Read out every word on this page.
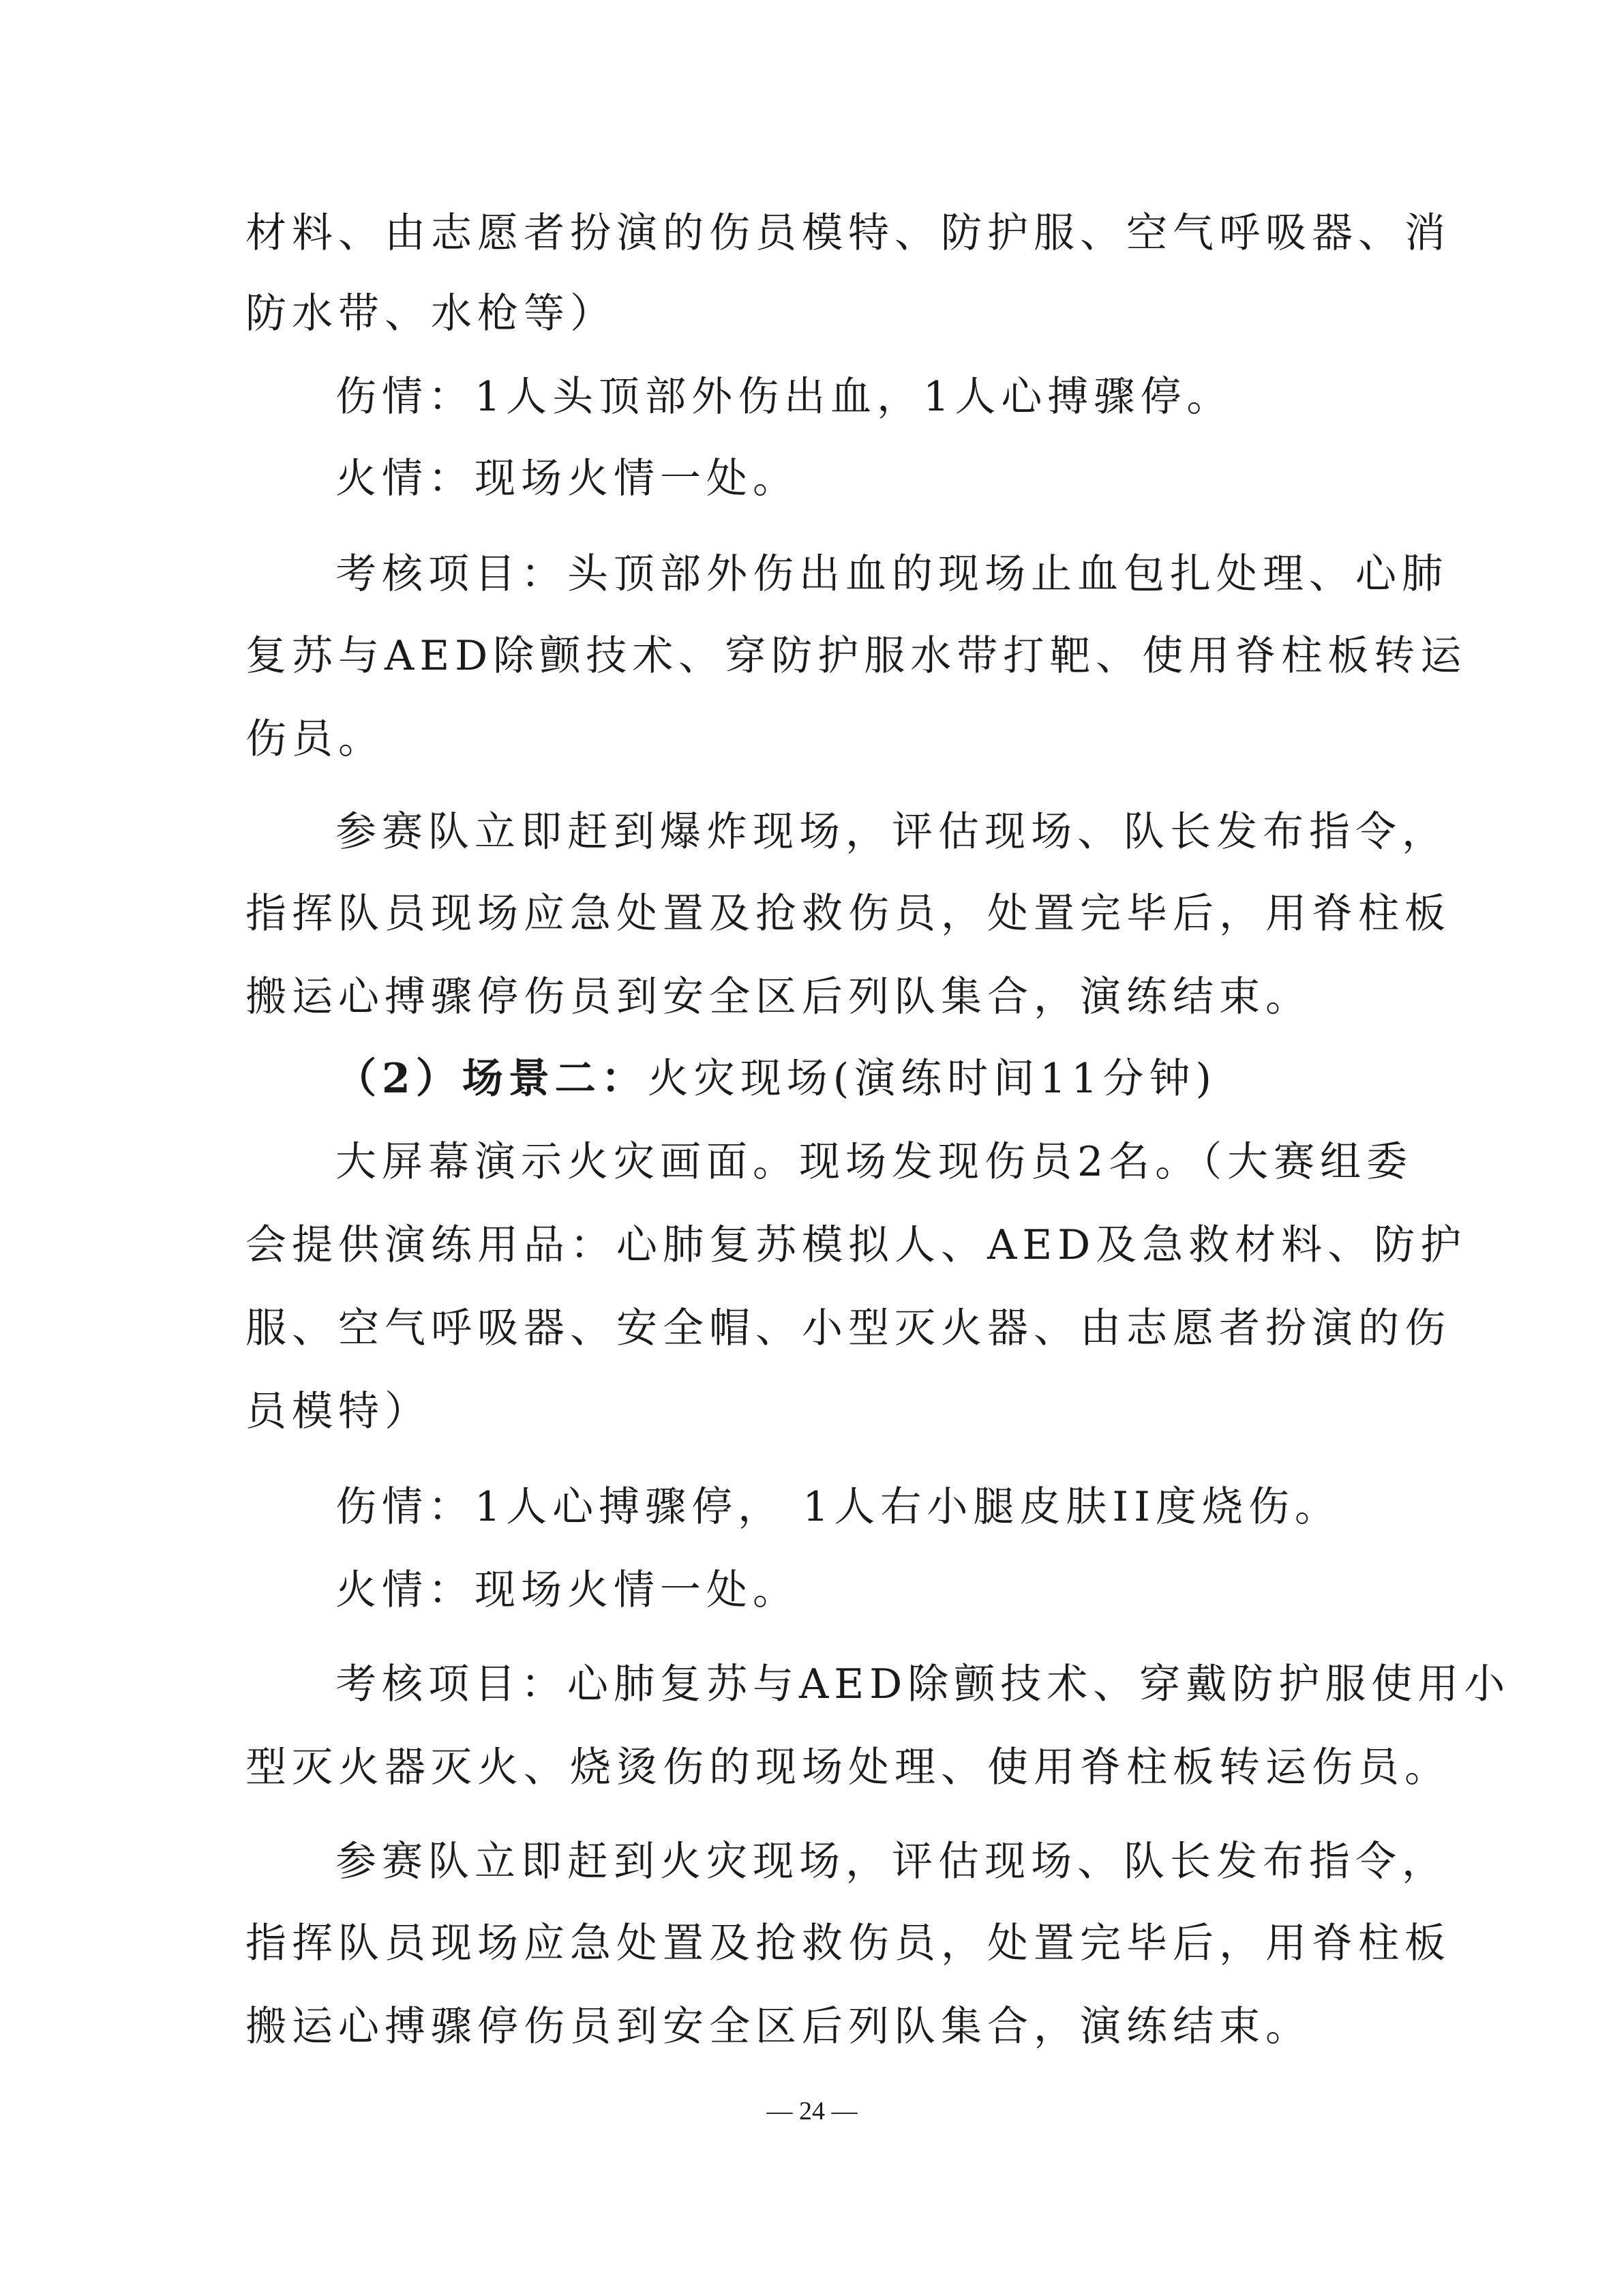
材料、由志愿者扮演的伤员模特、防护服、空气呼吸器、消
防水带、水枪等）
伤情：1人头顶部外伤出血，1人心搏骤停。
火情：现场火情一处。
考核项目：头顶部外伤出血的现场止血包扎处理、心肺
复苏与AED除颤技术、穿防护服水带打靶、使用脊柱板转运
伤员。
参赛队立即赶到爆炸现场，评估现场、队长发布指令，
指挥队员现场应急处置及抢救伤员，处置完毕后，用脊柱板
搬运心搏骤停伤员到安全区后列队集合，演练结束。
（2）场景二：火灾现场(演练时间11分钟)
大屏幕演示火灾画面。现场发现伤员2名。（大赛组委
会提供演练用品：心肺复苏模拟人、AED及急救材料、防护
服、空气呼吸器、安全帽、小型灭火器、由志愿者扮演的伤
员模特）
伤情：1人心搏骤停， 1人右小腿皮肤II度烧伤。
火情：现场火情一处。
考核项目：心肺复苏与AED除颤技术、穿戴防护服使用小
型灭火器灭火、烧烫伤的现场处理、使用脊柱板转运伤员。
参赛队立即赶到火灾现场，评估现场、队长发布指令，
指挥队员现场应急处置及抢救伤员，处置完毕后，用脊柱板
搬运心搏骤停伤员到安全区后列队集合，演练结束。
— 24 —
